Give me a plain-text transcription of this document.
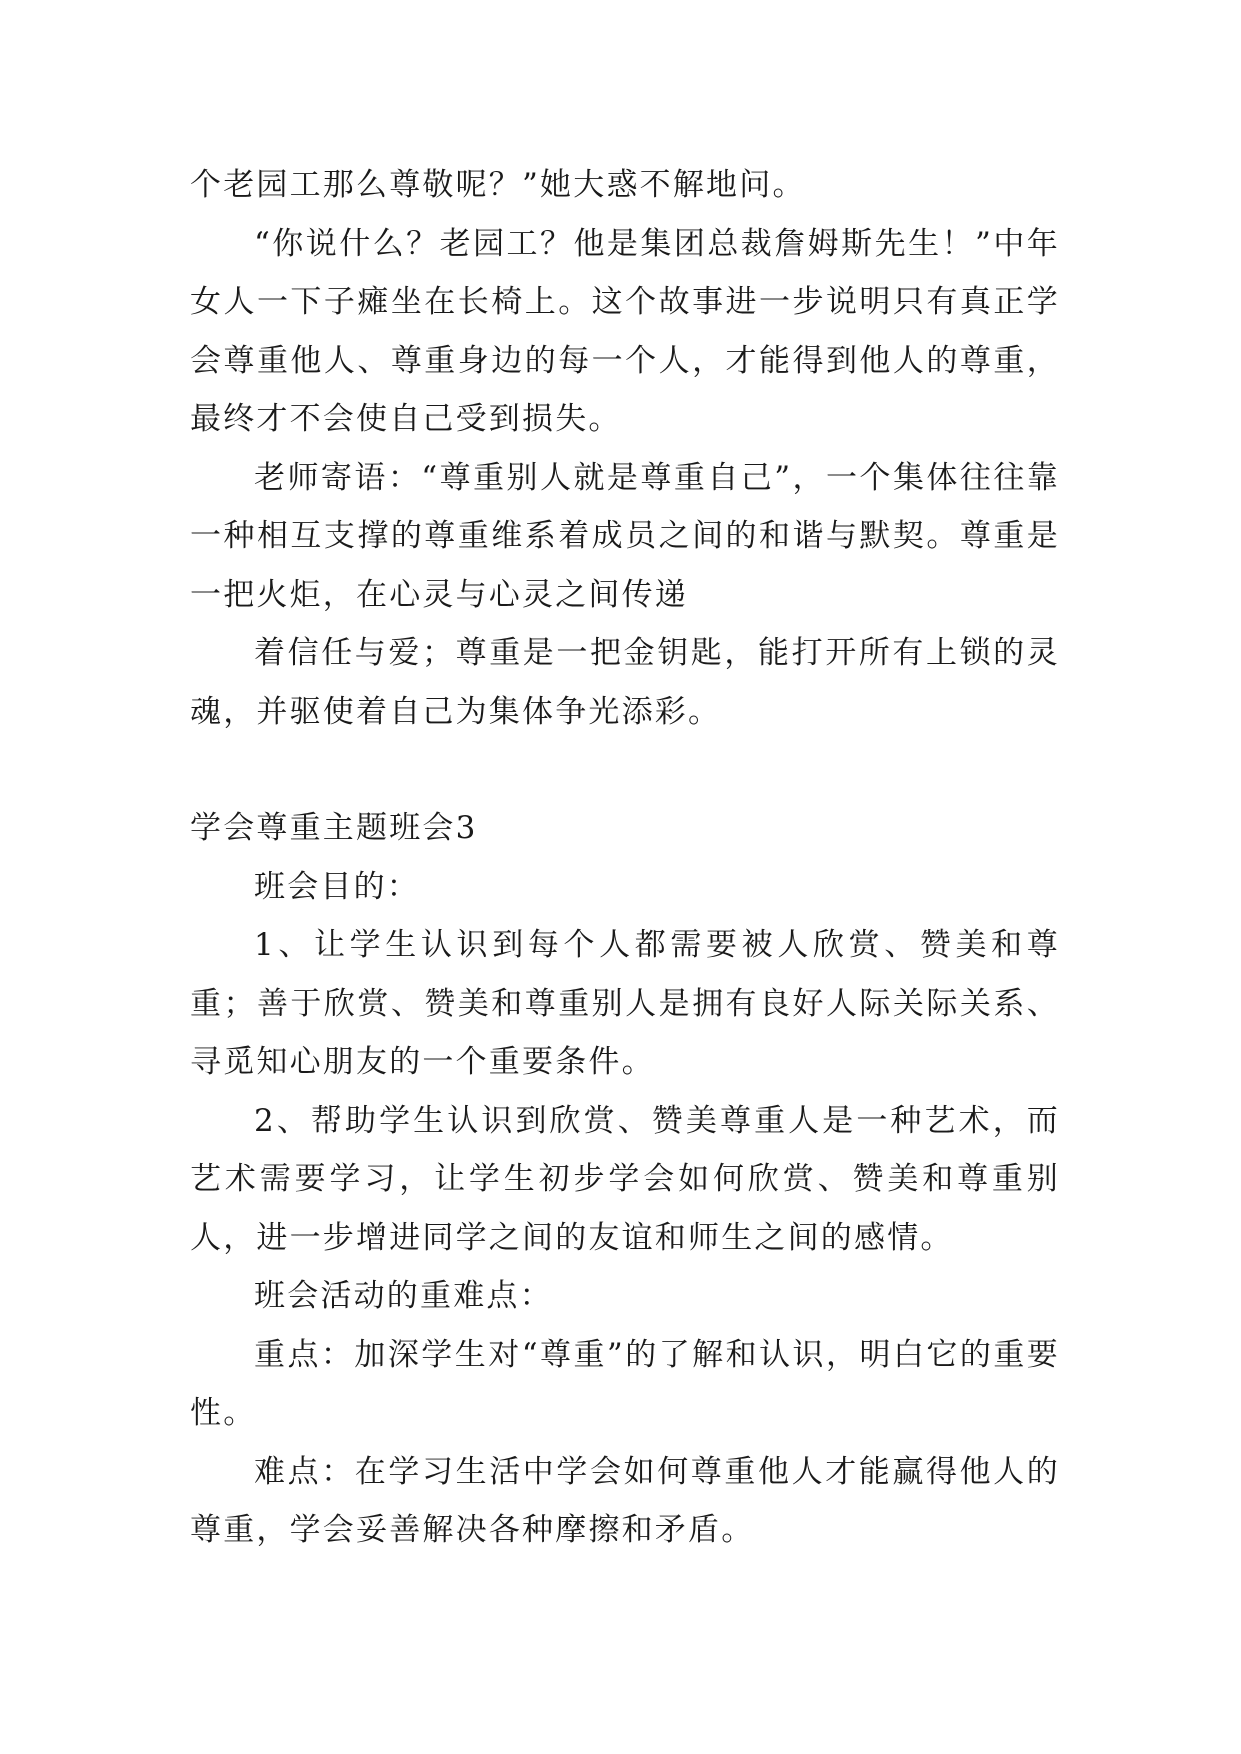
个老园工那么尊敬呢？”她大惑不解地问。

“你说什么？老园工？他是集团总裁詹姆斯先生！”中年女人一下子瘫坐在长椅上。这个故事进一步说明只有真正学会尊重他人、尊重身边的每一个人，才能得到他人的尊重，最终才不会使自己受到损失。

老师寄语：“尊重别人就是尊重自己”，一个集体往往靠一种相互支撑的尊重维系着成员之间的和谐与默契。尊重是一把火炬，在心灵与心灵之间传递

着信任与爱；尊重是一把金钥匙，能打开所有上锁的灵魂，并驱使着自己为集体争光添彩。

学会尊重主题班会3

班会目的：

1、让学生认识到每个人都需要被人欣赏、赞美和尊重；善于欣赏、赞美和尊重别人是拥有良好人际关际关系、寻觅知心朋友的一个重要条件。

2、帮助学生认识到欣赏、赞美尊重人是一种艺术，而艺术需要学习，让学生初步学会如何欣赏、赞美和尊重别人，进一步增进同学之间的友谊和师生之间的感情。

班会活动的重难点：

重点：加深学生对“尊重”的了解和认识，明白它的重要性。

难点：在学习生活中学会如何尊重他人才能赢得他人的尊重，学会妥善解决各种摩擦和矛盾。
